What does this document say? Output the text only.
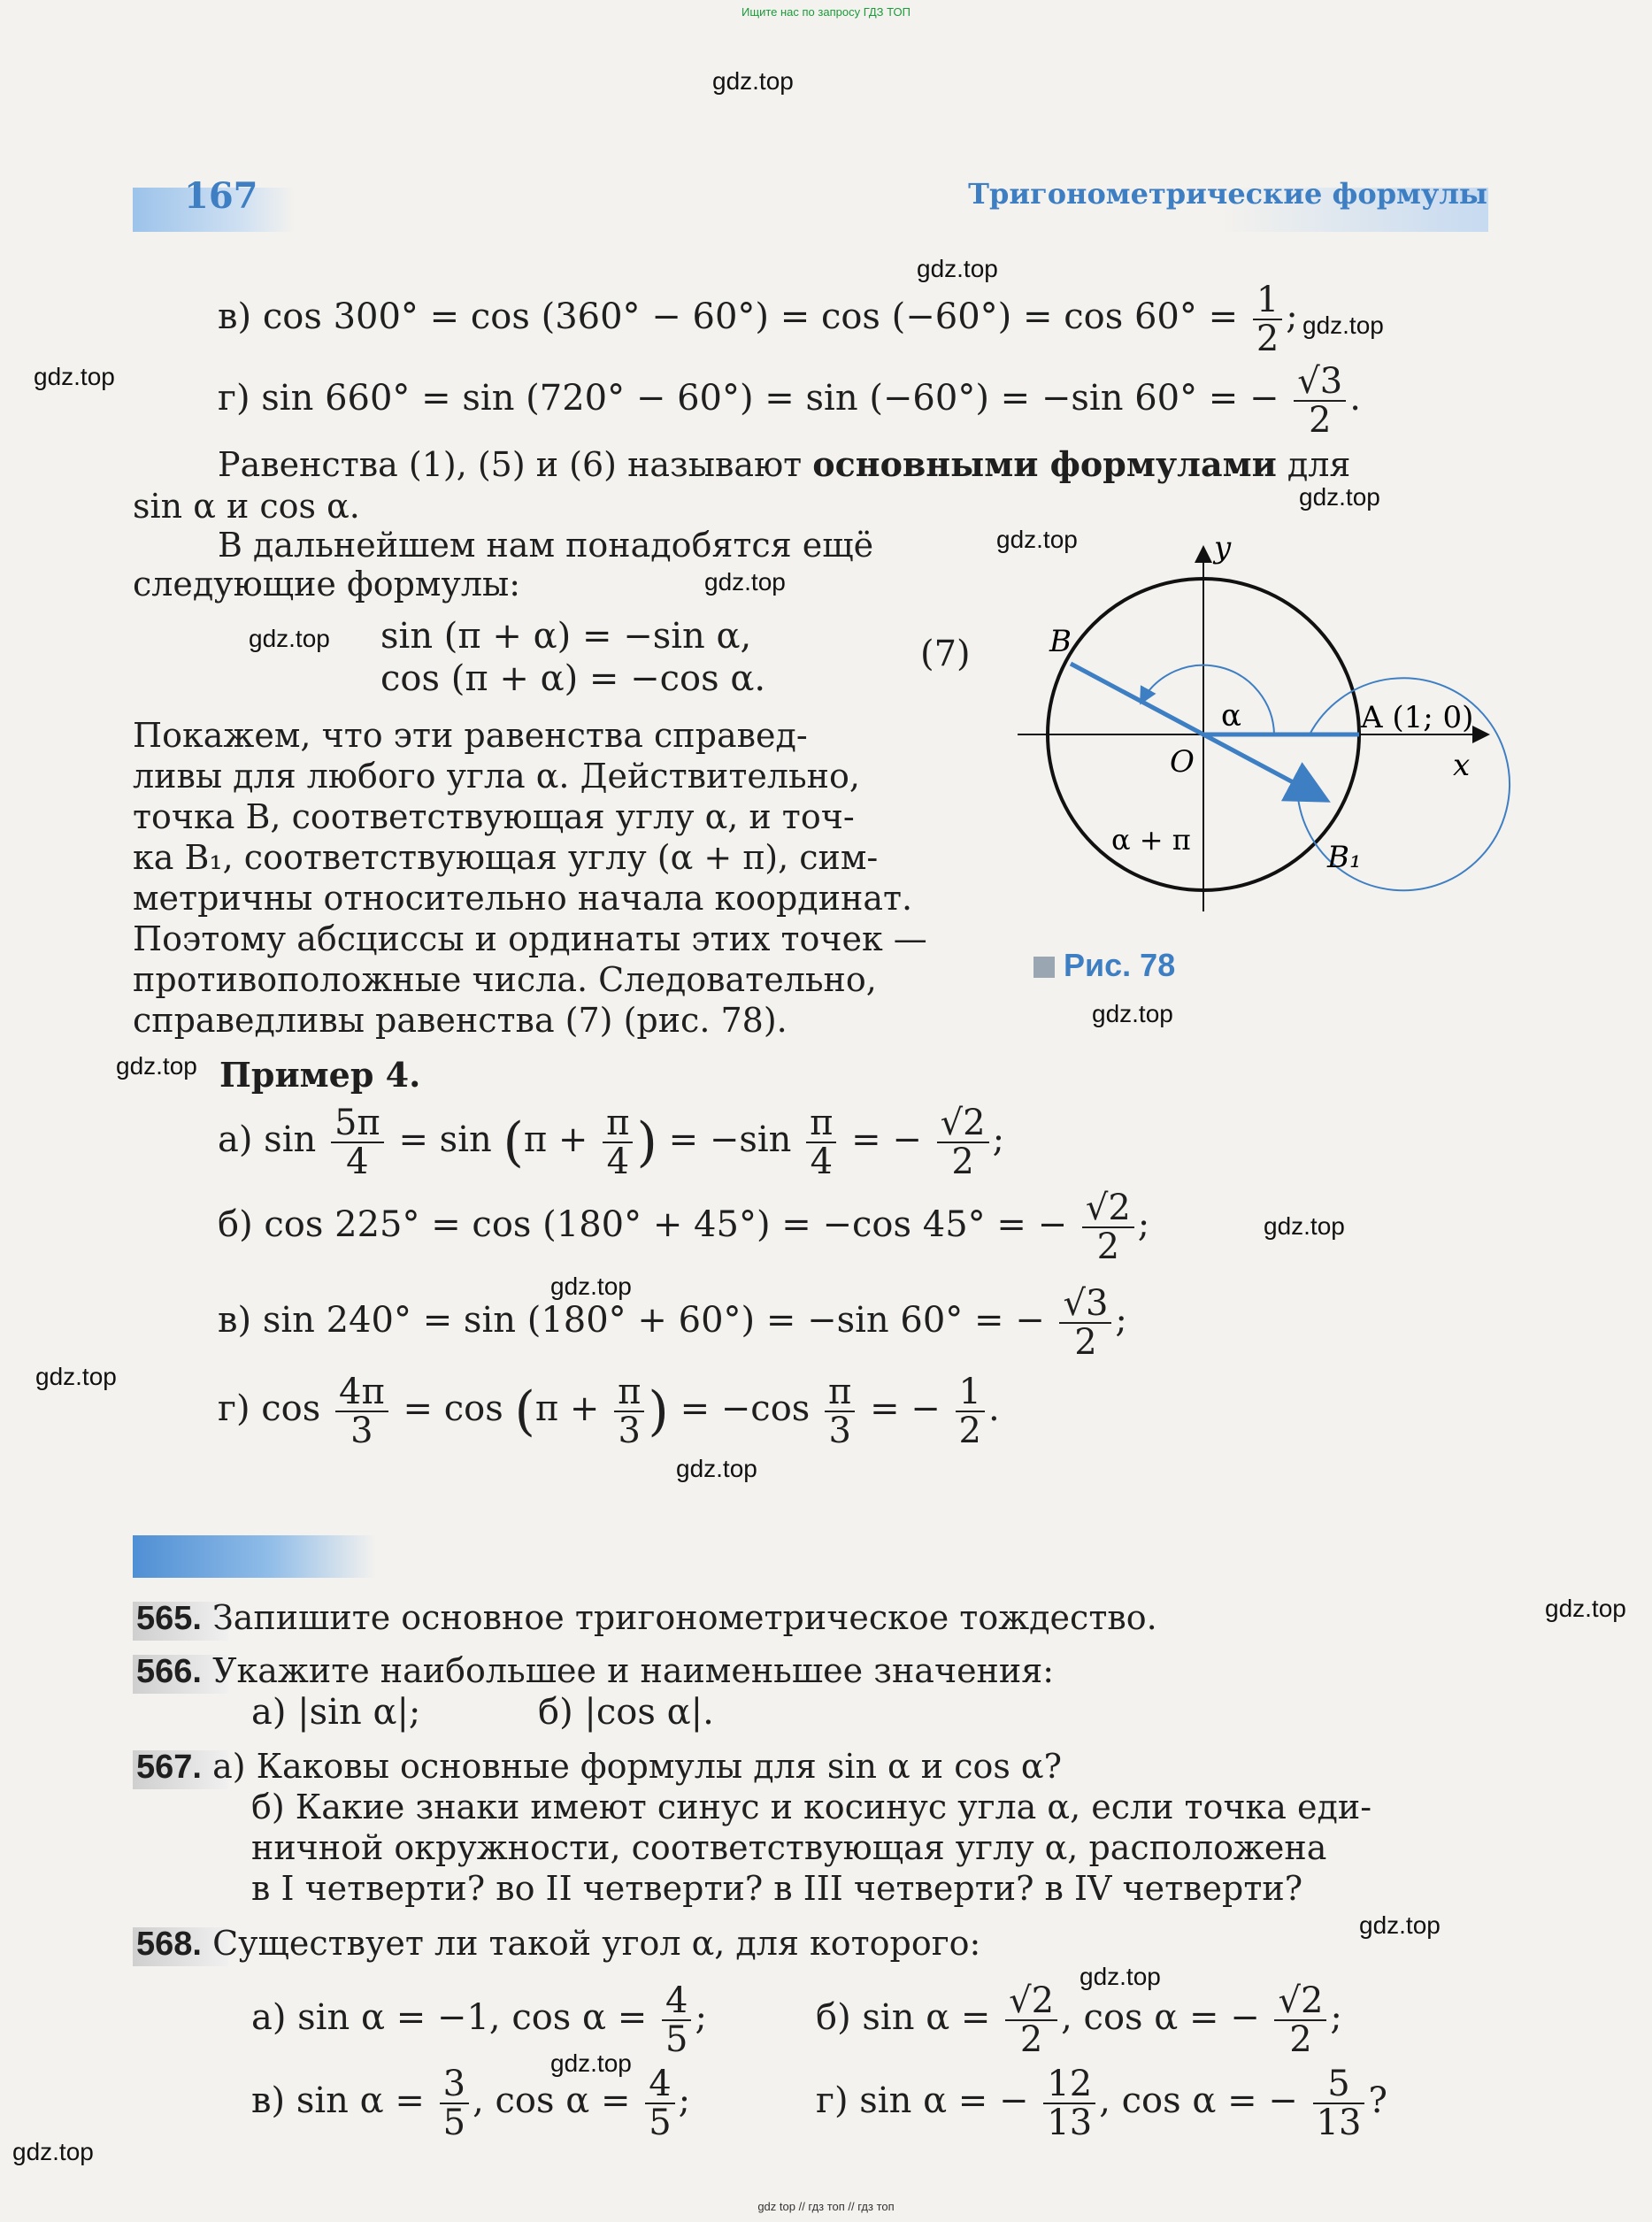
Ищите нас по запросу ГДЗ ТОП
gdz.top
gdz.top
gdz.top
gdz.top
gdz.top
gdz.top
gdz.top
gdz.top
gdz.top
gdz.top
gdz.top
gdz.top
gdz.top
gdz.top
gdz.top
gdz.top
gdz.top
gdz.top
gdz.top
167	Тригонометрические формулы
в) $\cos 300^\circ = \cos (360^\circ - 60^\circ) = \cos (-60^\circ) = \cos 60^\circ = \frac{1}{2}$ ;
г) sin 660° = sin (720° − 60°) = sin (−60°) = −sin 60° = − $\frac{√3}{2}$ .
Равенства (1), (5) и (6) называют основными формулами для
sin α и cos α.
В дальнейшем нам понадобятся ещё
следующие формулы:
sin (π + α) = −sin α,
cos (π + α) = −cos α.
(7)
Покажем, что эти равенства справед-
ливы для любого угла α. Действительно,
точка B, соответствующая углу α, и точ-
ка B₁, соответствующая углу (α + π), сим-
метричны относительно начала координат.
Поэтому абсциссы и ординаты этих точек —
противоположные числа. Следовательно,
справедливы равенства (7) (рис. 78).
y
x
O
A (1; 0)
B
B₁
α
α + π
Рис. 78
Пример 4.
а) $\sin \frac{5\pi}{4} = \sin (\pi + \frac{\pi}{4}$ ) = $-\sin \frac{\pi}{4}$ = − $\frac{√2}{2}$ ;
б) cos 225° = cos (180° + 45°) = −cos 45° = − $\frac{√2}{2}$ ;
в) sin 240° = sin (180° + 60°) = −sin 60° = − $\frac{√3}{2}$ ;
г) $\cos \frac{4\pi}{3} = \cos (\pi + \frac{\pi}{3}$ ) = $-\cos \frac{\pi}{3}$ = − $\frac{1}{2}$ .
565. Запишите основное тригонометрическое тождество.
566. Укажите наибольшее и наименьшее значения:
а) |sin α|;	б) |cos α|.
567. а) Каковы основные формулы для sin α и cos α?
б) Какие знаки имеют синус и косинус угла α, если точка еди-
ничной окружности, соответствующая углу α, расположена
в I четверти? во II четверти? в III четверти? в IV четверти?
568. Существует ли такой угол α, для которого:
а) sin α = −1, $\cos \alpha = \frac{4}{5}$ ;	б) $\sin \alpha = \frac{√2}{2}$ , cos α = − $\frac{√2}{2}$ ;
в) $\sin \alpha = \frac{3}{5}$ , $\cos \alpha = \frac{4}{5}$ ;	г) sin α = − $\frac{12}{13}$ , cos α = − $\frac{5}{13}$ ?
gdz top // гдз топ // гдз топ
